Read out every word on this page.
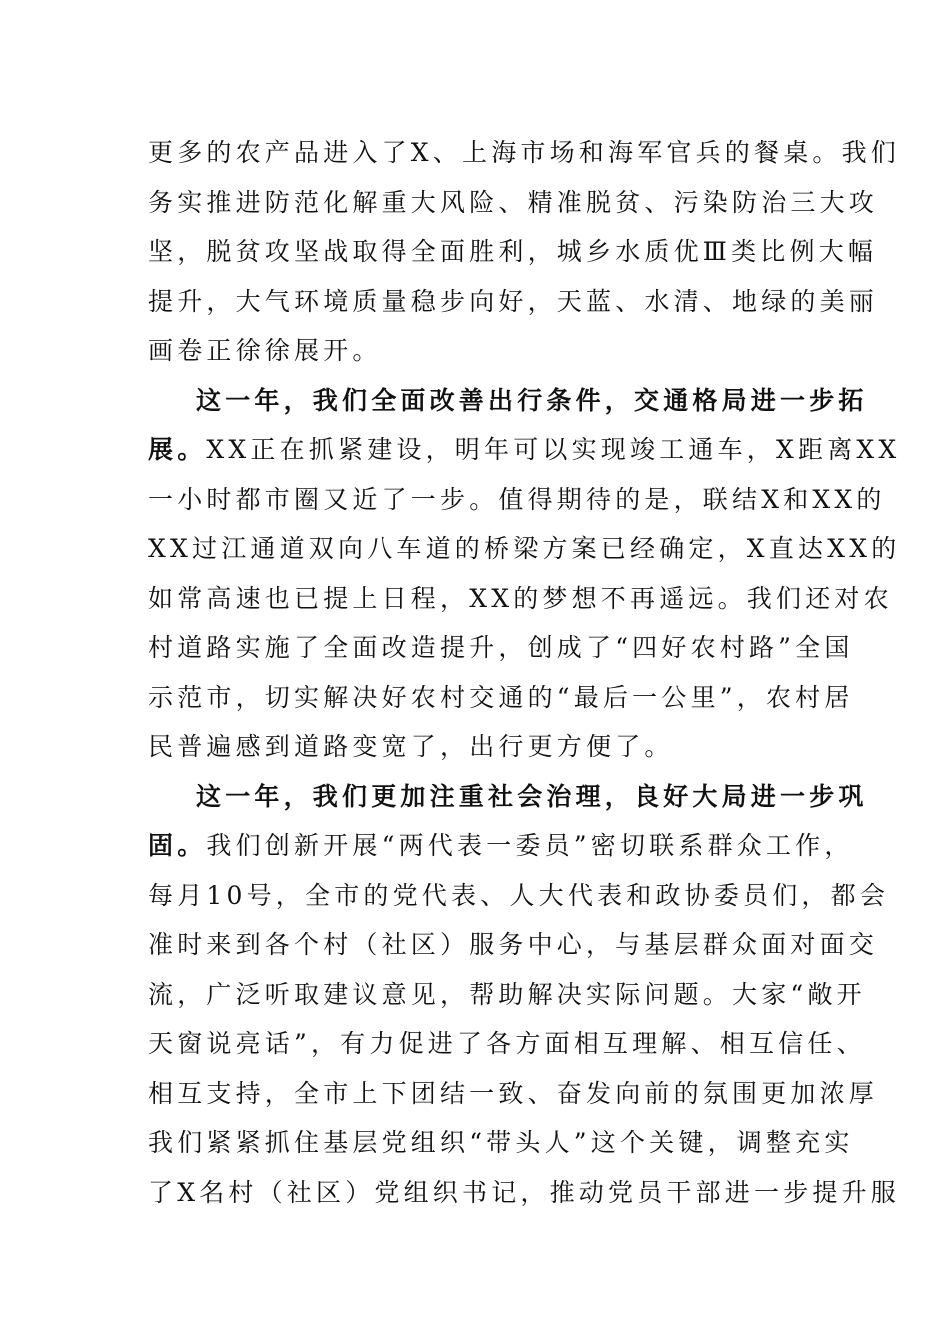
更多的农产品进入了X、上海市场和海军官兵的餐桌。我们
务实推进防范化解重大风险、精准脱贫、污染防治三大攻
坚，脱贫攻坚战取得全面胜利，城乡水质优Ⅲ类比例大幅
提升，大气环境质量稳步向好，天蓝、水清、地绿的美丽
画卷正徐徐展开。
这一年，我们全面改善出行条件，交通格局进一步拓
展。XX正在抓紧建设，明年可以实现竣工通车，X距离XX
一小时都市圈又近了一步。值得期待的是，联结X和XX的
XX过江通道双向八车道的桥梁方案已经确定，X直达XX的
如常高速也已提上日程，XX的梦想不再遥远。我们还对农
村道路实施了全面改造提升，创成了“四好农村路”全国
示范市，切实解决好农村交通的“最后一公里”，农村居
民普遍感到道路变宽了，出行更方便了。
这一年，我们更加注重社会治理，良好大局进一步巩
固。我们创新开展“两代表一委员”密切联系群众工作，
每月10号，全市的党代表、人大代表和政协委员们，都会
准时来到各个村（社区）服务中心，与基层群众面对面交
流，广泛听取建议意见，帮助解决实际问题。大家“敞开
天窗说亮话”，有力促进了各方面相互理解、相互信任、
相互支持，全市上下团结一致、奋发向前的氛围更加浓厚
我们紧紧抓住基层党组织“带头人”这个关键，调整充实
了X名村（社区）党组织书记，推动党员干部进一步提升服
